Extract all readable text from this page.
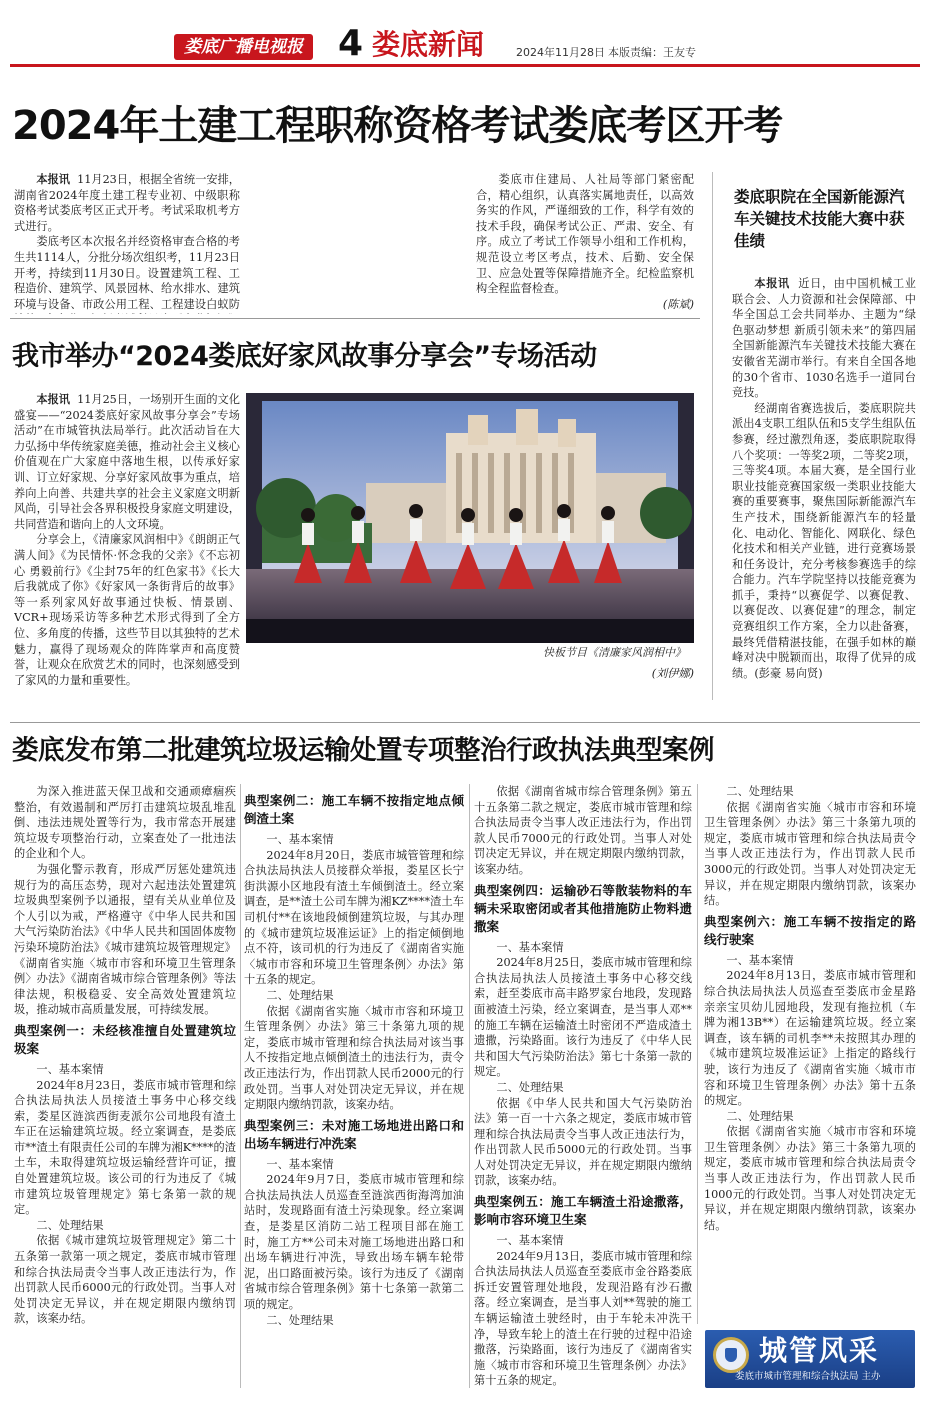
娄底广播电视报 4 娄底新闻	2024年11月28日 本版责编：王友专
2024年土建工程职称资格考试娄底考区开考

本报讯 11月23日，根据全省统一安排，湖南省2024年度土建工程专业初、中级职称资格考试娄底考区正式开考。考试采取机考方式进行。

娄底考区本次报名并经资格审查合格的考生共1114人，分批分场次组织考，11月23日开考，持续到11月30日。设置建筑工程、工程造价、建筑学、风景园林、给水排水、建筑环境与设备、市政公用工程、工程建设白蚁防

娄底市住建局、人社局等部门紧密配合，精心组织，认真落实属地责任，以高效务实的作风，严谨细致的工作，科学有效的技术手段，确保考试公正、严肃、安全、有序。成立了考试工作领导小组和工作机构，规范设立考区考点，技术、后勤、安全保卫、应急处置等保障措施齐全。纪检监察机构全程监督检查。

(陈斌)
娄底职院在全国新能源汽车关键技术技能大赛中获佳绩

本报讯 近日，由中国机械工业联合会、人力资源和社会保障部、中华全国总工会共同举办、主题为“绿色驱动梦想 新质引领未来”的第四届全国新能源汽车关键技术技能大赛在安徽省芜湖市举行。有来自全国各地的30个省市、1030名选手一道同台竞技。

经湖南省赛选拔后，娄底职院共派出4支职工组队伍和5支学生组队伍参赛，经过激烈角逐，娄底职院取得八个奖项：一等奖2项，二等奖2项，三等奖4项。本届大赛，是全国行业职业技能竞赛国家级一类职业技能大赛的重要赛事，聚焦国际新能源汽车生产技术，围绕新能源汽车的轻量化、电动化、智能化、网联化、绿色化技术和相关产业链，进行竞赛场景和任务设计，充分考核参赛选手的综合能力。汽车学院坚持以技能竞赛为抓手，秉持“以赛促学、以赛促教、以赛促改、以赛促建”的理念，制定竞赛组织工作方案，全力以赴备赛，最终凭借精湛技能，在强手如林的巅峰对决中脱颖而出，取得了优异的成绩。(彭豪 易向贤)

我市举办“2024娄底好家风故事分享会”专场活动

本报讯 11月25日，一场别开生面的文化盛宴——“2024娄底好家风故事分享会”专场活动”在市城管执法局举行。此次活动旨在大力弘扬中华传统家庭美德，推动社会主义核心价值观在广大家庭中落地生根，以传承好家训、订立好家规、分享好家风故事为重点，培养向上向善、共建共享的社会主义家庭文明新风尚，引导社会各界积极投身家庭文明建设，共同营造和谐向上的人文环境。

分享会上，《清廉家风润相中》《朗朗正气满人间》《为民情怀·怀念我的父亲》《不忘初心 勇毅前行》《尘封75年的红色家书》《长大后我就成了你》《好家风一条街背后的故事》等一系列家风好故事通过快板、情景剧、VCR+现场采访等多种艺术形式得到了全方位、多角度的传播，这些节目以其独特的艺术魅力，赢得了现场观众的阵阵掌声和高度赞誉，让观众在欣赏艺术的同时，也深刻感受到了家风的力量和重要性。

快板节目《清廉家风润相中》

(刘伊娜)

娄底发布第二批建筑垃圾运输处置专项整治行政执法典型案例

为深入推进蓝天保卫战和交通顽瘴痼疾整治，有效遏制和严厉打击建筑垃圾乱堆乱倒、违法违规处置等行为，我市常态开展建筑垃圾专项整治行动，立案查处了一批违法的企业和个人。

为强化警示教育，形成严厉惩处建筑违规行为的高压态势，现对六起违法处置建筑垃圾典型案例予以通报，望有关从业单位及个人引以为戒，严格遵守《中华人民共和国大气污染防治法》《中华人民共和国固体废物污染环境防治法》《城市建筑垃圾管理规定》《湖南省实施〈城市市容和环境卫生管理条例〉办法》《湖南省城市综合管理条例》等法律法规，积极稳妥、安全高效处置建筑垃圾，推动城市高质量发展，可持续发展。

典型案例一：未经核准擅自处置建筑垃圾案

一、基本案情

2024年8月23日，娄底市城市管理和综合执法局执法人员接渣土事务中心移交线索，娄星区涟滨西街麦派尔公司地段有渣土车正在运输建筑垃圾。经立案调查，是娄底市**渣土有限责任公司的车牌为湘K****的渣土车，未取得建筑垃圾运输经营许可证，擅自处置建筑垃圾。该公司的行为违反了《城市建筑垃圾管理规定》第七条第一款的规定。

二、处理结果

依据《城市建筑垃圾管理规定》第二十五条第一款第一项之规定，娄底市城市管理和综合执法局责令当事人改正违法行为，作出罚款人民币6000元的行政处罚。当事人对处罚决定无异议，并在规定期限内缴纳罚款，该案办结。

典型案例二：施工车辆不按指定地点倾倒渣土案

一、基本案情

2024年8月20日，娄底市城管管理和综合执法局执法人员接群众举报，娄星区长宁街洪源小区地段有渣土车倾倒渣土。经立案调查，是**渣土公司车牌为湘KZ****渣土车司机付**在该地段倾倒建筑垃圾，与其办理的《城市建筑垃圾准运证》上的指定倾倒地点不符，该司机的行为违反了《湖南省实施〈城市市容和环境卫生管理条例〉办法》第十五条的规定。

二、处理结果

依据《湖南省实施〈城市市容和环境卫生管理条例〉办法》第三十条第九项的规定，娄底市城市管理和综合执法局对该当事人不按指定地点倾倒渣土的违法行为，责令改正违法行为，作出罚款人民币2000元的行政处罚。当事人对处罚决定无异议，并在规定期限内缴纳罚款，该案办结。

典型案例三：未对施工场地进出路口和出场车辆进行冲洗案

一、基本案情

2024年9月7日，娄底市城市管理和综合执法局执法人员巡查至涟滨西街海湾加油站时，发现路面有渣土污染现象。经立案调查，是娄星区消防二站工程项目部在施工时，施工方**公司未对施工场地进出路口和出场车辆进行冲洗，导致出场车辆车轮带泥，出口路面被污染。该行为违反了《湖南省城市综合管理条例》第十七条第一款第二项的规定。

二、处理结果

依据《湖南省城市综合管理条例》第五十五条第二款之规定，娄底市城市管理和综合执法局责令当事人改正违法行为，作出罚款人民币7000元的行政处罚。当事人对处罚决定无异议，并在规定期限内缴纳罚款，该案办结。

典型案例四：运输砂石等散装物料的车辆未采取密闭或者其他措施防止物料遗撒案

一、基本案情

2024年8月25日，娄底市城市管理和综合执法局执法人员接渣土事务中心移交线索，赶至娄底市高丰路罗家台地段，发现路面被渣土污染，经立案调查，是当事人邓**的施工车辆在运输渣土时密闭不严造成渣土遗撒，污染路面。该行为违反了《中华人民共和国大气污染防治法》第七十条第一款的规定。

二、处理结果

依据《中华人民共和国大气污染防治法》第一百一十六条之规定，娄底市城市管理和综合执法局责令当事人改正违法行为，作出罚款人民币5000元的行政处罚。当事人对处罚决定无异议，并在规定期限内缴纳罚款，该案办结。

典型案例五：施工车辆渣土沿途撒落，影响市容环境卫生案

一、基本案情

2024年9月13日，娄底市城市管理和综合执法局执法人员巡查至娄底市金谷路娄底拆迁安置管理处地段，发现沿路有沙石撒落。经立案调查，是当事人刘**驾驶的施工车辆运输渣土驶经时，由于车轮未冲洗干净，导致车轮上的渣土在行驶的过程中沿途撒落，污染路面，该行为违反了《湖南省实施〈城市市容和环境卫生管理条例〉办法》第十五条的规定。

二、处理结果

依据《湖南省实施〈城市市容和环境卫生管理条例〉办法》第三十条第九项的规定，娄底市城市管理和综合执法局责令当事人改正违法行为，作出罚款人民币3000元的行政处罚。当事人对处罚决定无异议，并在规定期限内缴纳罚款，该案办结。

典型案例六：施工车辆不按指定的路线行驶案

一、基本案情

2024年8月13日，娄底市城市管理和综合执法局执法人员巡查至娄底市金星路亲亲宝贝幼儿园地段，发现有拖拉机（车牌为湘13B**）在运输建筑垃圾。经立案调查，该车辆的司机李**未按照其办理的《城市建筑垃圾准运证》上指定的路线行驶，该行为违反了《湖南省实施〈城市市容和环境卫生管理条例〉办法》第十五条的规定。

二、处理结果

依据《湖南省实施〈城市市容和环境卫生管理条例〉办法》第三十条第九项的规定，娄底市城市管理和综合执法局责令当事人改正违法行为，作出罚款人民币1000元的行政处罚。当事人对处罚决定无异议，并在规定期限内缴纳罚款，该案办结。

城管风采
娄底市城市管理和综合执法局 主办
